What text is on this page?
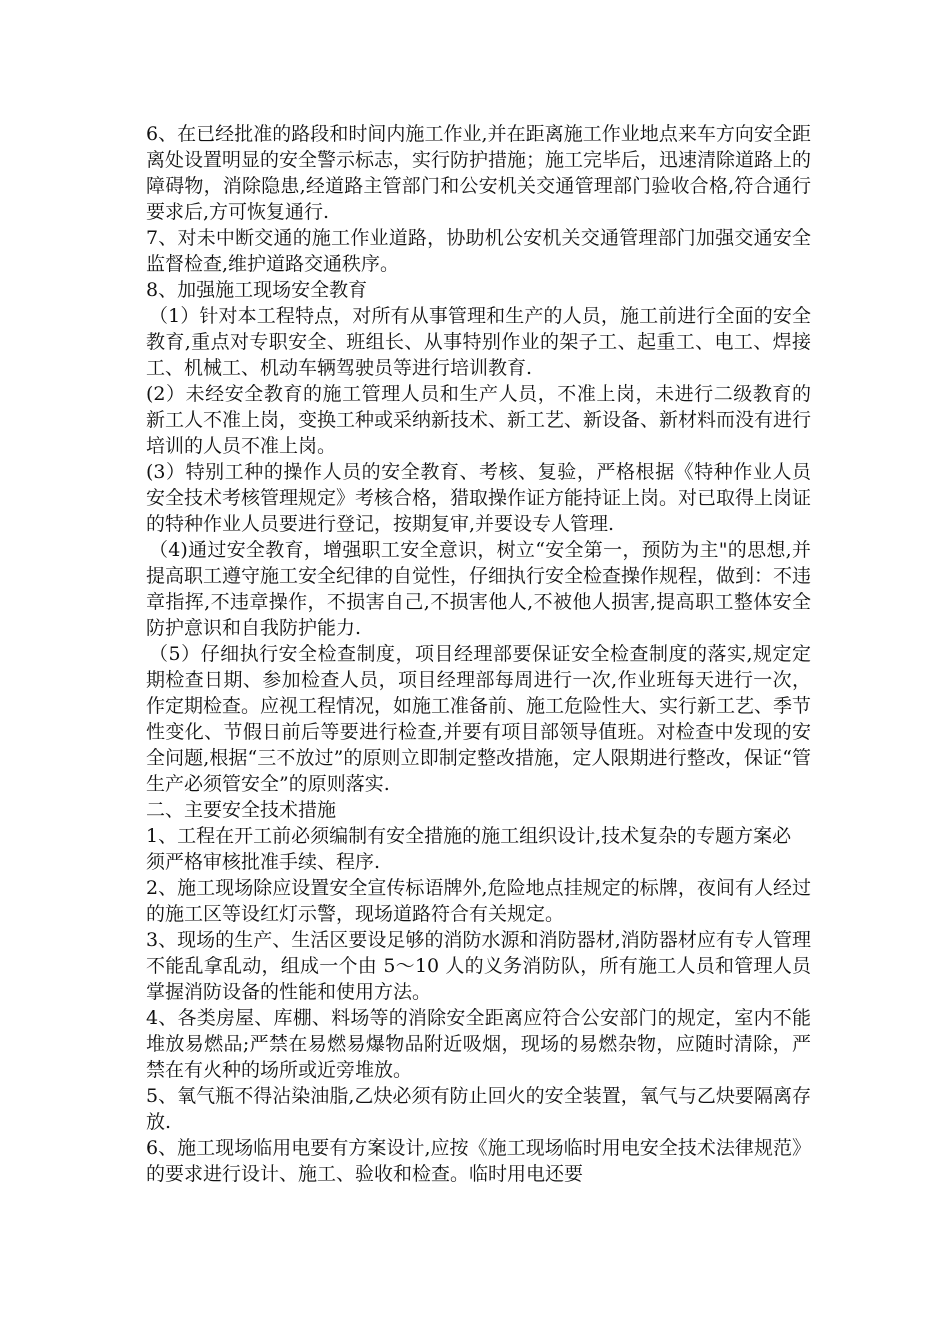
6、在已经批准的路段和时间内施工作业,并在距离施工作业地点来车方向安全距离处设置明显的安全警示标志，实行防护措施；施工完毕后，迅速清除道路上的障碍物，消除隐患,经道路主管部门和公安机关交通管理部门验收合格,符合通行要求后,方可恢复通行.

7、对未中断交通的施工作业道路，协助机公安机关交通管理部门加强交通安全监督检查,维护道路交通秩序。

8、加强施工现场安全教育

（1）针对本工程特点，对所有从事管理和生产的人员，施工前进行全面的安全教育,重点对专职安全、班组长、从事特别作业的架子工、起重工、电工、焊接工、机械工、机动车辆驾驶员等进行培训教育.

(2）未经安全教育的施工管理人员和生产人员，不准上岗，未进行二级教育的新工人不准上岗，变换工种或采纳新技术、新工艺、新设备、新材料而没有进行培训的人员不准上岗。

(3）特别工种的操作人员的安全教育、考核、复验，严格根据《特种作业人员安全技术考核管理规定》考核合格，猎取操作证方能持证上岗。对已取得上岗证的特种作业人员要进行登记，按期复审,并要设专人管理.

（4)通过安全教育，增强职工安全意识，树立“安全第一，预防为主"的思想,并提高职工遵守施工安全纪律的自觉性，仔细执行安全检查操作规程，做到：不违章指挥,不违章操作，不损害自己,不损害他人,不被他人损害,提高职工整体安全防护意识和自我防护能力.

（5）仔细执行安全检查制度，项目经理部要保证安全检查制度的落实,规定定期检查日期、参加检查人员，项目经理部每周进行一次,作业班每天进行一次，作定期检查。应视工程情况，如施工准备前、施工危险性大、实行新工艺、季节性变化、节假日前后等要进行检查,并要有项目部领导值班。对检查中发现的安全问题,根据“三不放过”的原则立即制定整改措施，定人限期进行整改，保证“管生产必须管安全”的原则落实.

二、主要安全技术措施

1、工程在开工前必须编制有安全措施的施工组织设计,技术复杂的专题方案必

须严格审核批准手续、程序.

2、施工现场除应设置安全宣传标语牌外,危险地点挂规定的标牌，夜间有人经过的施工区等设红灯示警，现场道路符合有关规定。

3、现场的生产、生活区要设足够的消防水源和消防器材,消防器材应有专人管理不能乱拿乱动，组成一个由 5～10 人的义务消防队，所有施工人员和管理人员掌握消防设备的性能和使用方法。

4、各类房屋、库棚、料场等的消除安全距离应符合公安部门的规定，室内不能堆放易燃品;严禁在易燃易爆物品附近吸烟，现场的易燃杂物，应随时清除，严禁在有火种的场所或近旁堆放。

5、氧气瓶不得沾染油脂,乙炔必须有防止回火的安全装置，氧气与乙炔要隔离存放.

6、施工现场临用电要有方案设计,应按《施工现场临时用电安全技术法律规范》的要求进行设计、施工、验收和检查。临时用电还要
